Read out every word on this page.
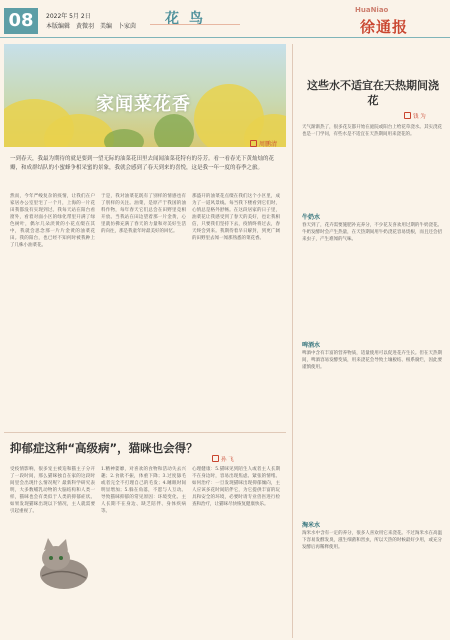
08	2022年 5月 2日
本版编辑 黄微羽 美编 卜家茵	花鸟
HuaNiao
徐通报
家闻菜花香
周鹏清
一到春天，我最为期待的就是要到一望无际的油菜花田里去闻闻油菜花特有的芬芳。看一看春光下黄灿灿的花瓣，和成群结队的小蜜蜂争相采蜜的景象，我就会感到了春天到来的喜悦，这是我一年一度的春季之旅。
然而，今年严峻复杂的疫情，让我们在户家居办公室里宅了一个月，上海的一片花田我都没有实现到过。我每天站在阳台看窗外，看着对面小区的绿化带里开满了绿色树叶，偶尔几朵淡黄的小花点缀在其中，我就会思念那一片片金黄的油菜花田。我的阳台，也已经不知何时被我种上了几株小油菜花。
于是，我对油菜花既有了别样的情感也有了别样的关注。油菜，是原产于我国的油料作物，每年春天它们总会在田野里竞相开放。当我站在田边望着那一片金黄，心里就仿佛充满了春天的力量和对美好生活的向往，那是我童年时最美好的回忆。
那盛开的油菜花点缀在我们这个小区里，成为了一道风景线。每当我下楼看到它们时，心情总是格外舒畅。在这段居家的日子里，油菜花让我感受到了春天的美好，也让我相信，只要我们坚持下去，疫情终将过去，春天终会到来。我期待着早日解封，到更广阔的田野里去闻一闻那熟悉的菜花香。
抑郁症这种“高级病”，猫咪也会得？
孙 飞
受疫情影响，很多宠主被迫和猫主子分开了一段时间，那么猫咪独自在家的这段时间里会出现什么情况呢？最新科学研究表明，大多数哺乳动物的大脑结构和人类一样，猫咪也会有类似于人类的抑郁症状。如果发现猫咪出现以下情况，主人就需要引起重视了。
1.精神萎靡，对喜欢的食物和活动失去兴趣；2.食欲不振，体重下降；3.过度舔毛或者完全不打理自己的毛发；4.睡眠时间明显增加；5.躲在角落，不愿与人互动。导致猫咪抑郁的常见原因：环境变化、主人长期不在身边、缺乏陪伴、身体疾病等。
心理健康：5.猫咪见到陌生人或者主人长期不在身边时，容易出现焦虑、紧张的情绪。如何治疗：一旦发现猫咪出现抑郁倾向，主人应该多花时间陪伴它，为它提供丰富的玩具和安全的环境，必要时请专业兽医进行检查和治疗，让猫咪尽快恢复健康快乐。
这些水不适宜在天热期间浇花
钱 为
天气渐渐热了，很多花友都开始在庭院或阳台上给花草浇水。其实浇花也是一门学问，有些水是不适宜在天热期间用来浇花的。
牛奶水
春天到了，花卉需要施肥补充养分，不少花友喜欢用过期的牛奶浇花。牛奶发酵时会产生热量，在天热期间用牛奶浇花容易烧根，而且还会招来虫子，产生难闻的气味。
啤酒水
啤酒中含有丰富的营养物质，适量使用可以促进花卉生长。但在天热期间，啤酒容易发酵变质，用来浇花会导致土壤板结、根系腐烂，因此要谨慎使用。
淘米水
淘米水中含有一定的养分，很多人喜欢用它来浇花。不过淘米水在高温下容易发酵发臭，滋生细菌和害虫，所以天热的时候最好少用，或充分发酵后再稀释使用。
